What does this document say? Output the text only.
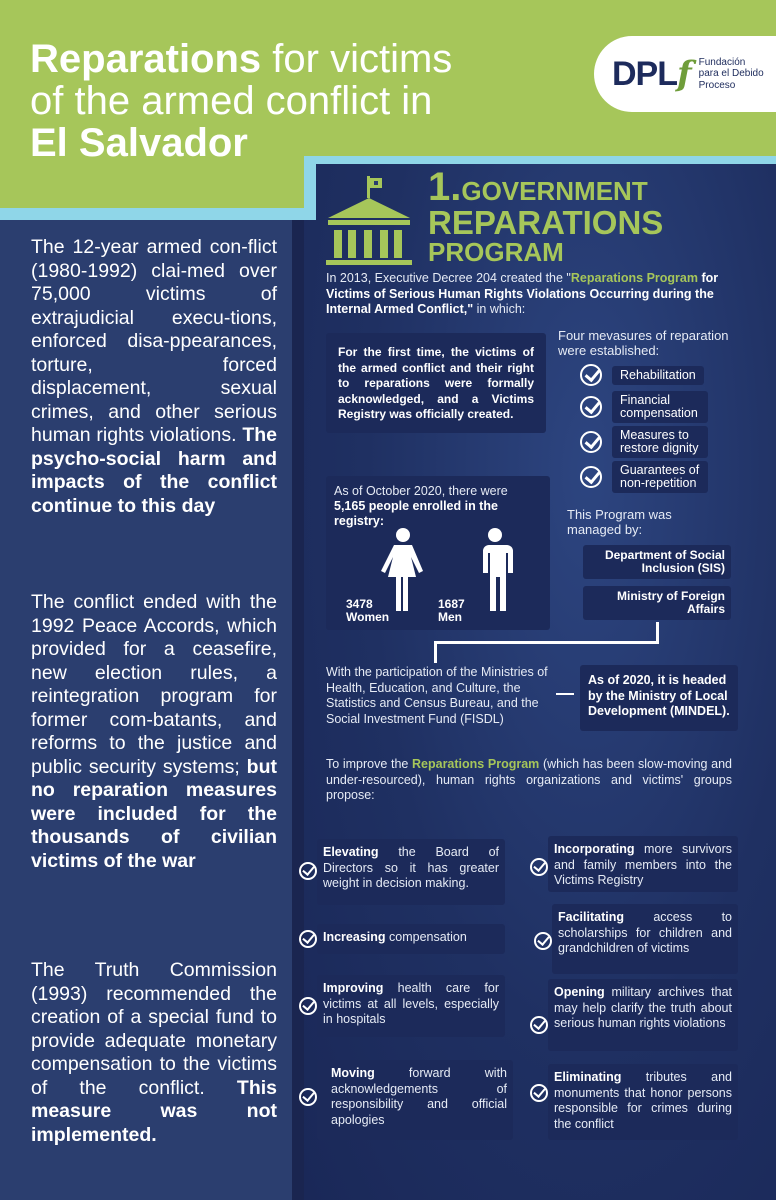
Reparations for victims
of the armed conflict in
El Salvador
DPLf Fundación
para el Debido
Proceso
The 12-year armed con-flict (1980-1992) clai-med over 75,000 victims of extrajudicial execu-tions, enforced disa-ppearances, torture, forced displacement, sexual crimes, and other serious human rights violations. The psycho-social harm and impacts of the conflict continue to this day
The conflict ended with the 1992 Peace Accords, which provided for a ceasefire, new election rules, a reintegration program for former com-batants, and reforms to the justice and public security systems; but no reparation measures were included for the thousands of civilian victims of the war
The Truth Commission (1993) recommended the creation of a special fund to provide adequate monetary compensation to the victims of the conflict. This measure was not implemented.
1.GOVERNMENT
REPARATIONS
PROGRAM
In 2013, Executive Decree 204 created the "Reparations Program for Victims of Serious Human Rights Violations Occurring during the Internal Armed Conflict," in which:
For the first time, the victims of the armed conflict and their right to reparations were formally acknowledged, and a Victims Registry was officially created.
Four mevasures of reparation were established:
Rehabilitation
Financial compensation
Measures to restore dignity
Guarantees of non-repetition
As of October 2020, there were 5,165 people enrolled in the registry:
3478
Women
1687
Men
This Program was managed by:
Department of Social Inclusion (SIS)
Ministry of Foreign Affairs
With the participation of the Ministries of Health, Education, and Culture, the Statistics and Census Bureau, and the Social Investment Fund (FISDL)
As of 2020, it is headed by the Ministry of Local Development (MINDEL).
To improve the Reparations Program (which has been slow-moving and under-resourced), human rights organizations and victims' groups propose:
Elevating the Board of Directors so it has greater weight in decision making.
Incorporating more survivors and family members into the Victims Registry
Increasing compensation
Facilitating access to scholarships for children and grandchildren of victims
Improving health care for victims at all levels, especially in hospitals
Opening military archives that may help clarify the truth about serious human rights violations
Moving forward with acknowledgements of responsibility and official apologies
Eliminating tributes and monuments that honor persons responsible for crimes during the conflict
